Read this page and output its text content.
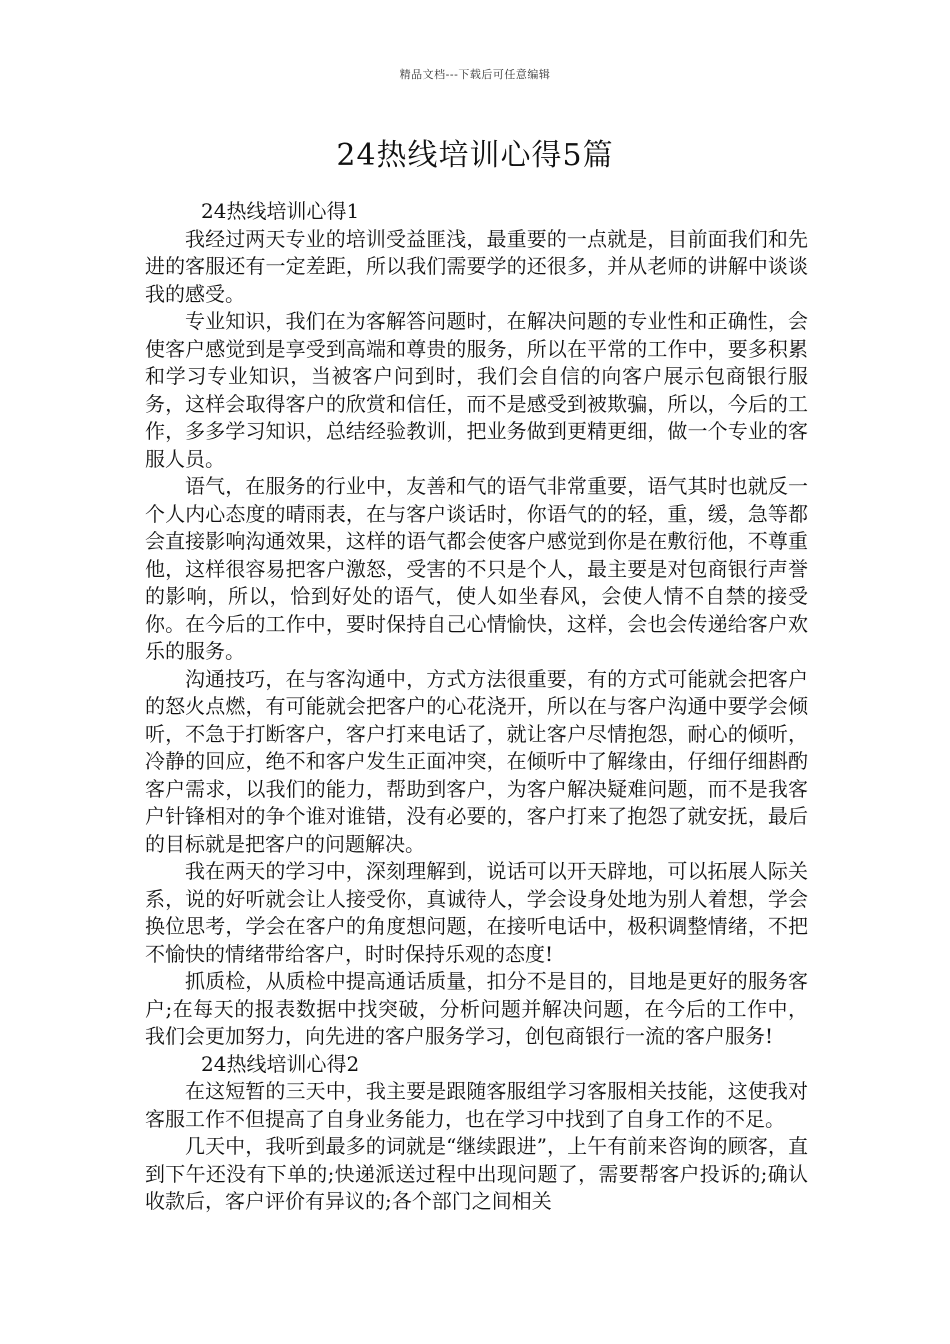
精品文档---下载后可任意编辑
24热线培训心得5篇

24热线培训心得1

我经过两天专业的培训受益匪浅，最重要的一点就是，目前面我们和先进的客服还有一定差距，所以我们需要学的还很多，并从老师的讲解中谈谈我的感受。

专业知识，我们在为客解答问题时，在解决问题的专业性和正确性，会使客户感觉到是享受到高端和尊贵的服务，所以在平常的工作中，要多积累和学习专业知识，当被客户问到时，我们会自信的向客户展示包商银行服务，这样会取得客户的欣赏和信任，而不是感受到被欺骗，所以，今后的工作，多多学习知识，总结经验教训，把业务做到更精更细，做一个专业的客服人员。

语气，在服务的行业中，友善和气的语气非常重要，语气其时也就反一个人内心态度的晴雨表，在与客户谈话时，你语气的的轻，重，缓，急等都会直接影响沟通效果，这样的语气都会使客户感觉到你是在敷衍他，不尊重他，这样很容易把客户激怒，受害的不只是个人，最主要是对包商银行声誉的影响，所以，恰到好处的语气，使人如坐春风，会使人情不自禁的接受你。在今后的工作中，要时保持自己心情愉快，这样，会也会传递给客户欢乐的服务。

沟通技巧，在与客沟通中，方式方法很重要，有的方式可能就会把客户的怒火点燃，有可能就会把客户的心花浇开，所以在与客户沟通中要学会倾听，不急于打断客户，客户打来电话了，就让客户尽情抱怨，耐心的倾听，冷静的回应，绝不和客户发生正面冲突，在倾听中了解缘由，仔细仔细斟酌客户需求，以我们的能力，帮助到客户，为客户解决疑难问题，而不是我客户针锋相对的争个谁对谁错，没有必要的，客户打来了抱怨了就安抚，最后的目标就是把客户的问题解决。

我在两天的学习中，深刻理解到，说话可以开天辟地，可以拓展人际关系，说的好听就会让人接受你，真诚待人，学会设身处地为别人着想，学会换位思考，学会在客户的角度想问题，在接听电话中，极积调整情绪，不把不愉快的情绪带给客户，时时保持乐观的态度!

抓质检，从质检中提高通话质量，扣分不是目的，目地是更好的服务客户;在每天的报表数据中找突破，分析问题并解决问题，在今后的工作中，我们会更加努力，向先进的客户服务学习，创包商银行一流的客户服务!

24热线培训心得2

在这短暂的三天中，我主要是跟随客服组学习客服相关技能，这使我对客服工作不但提高了自身业务能力，也在学习中找到了自身工作的不足。

几天中，我听到最多的词就是“继续跟进”，上午有前来咨询的顾客，直到下午还没有下单的;快递派送过程中出现问题了，需要帮客户投诉的;确认收款后，客户评价有异议的;各个部门之间相关
